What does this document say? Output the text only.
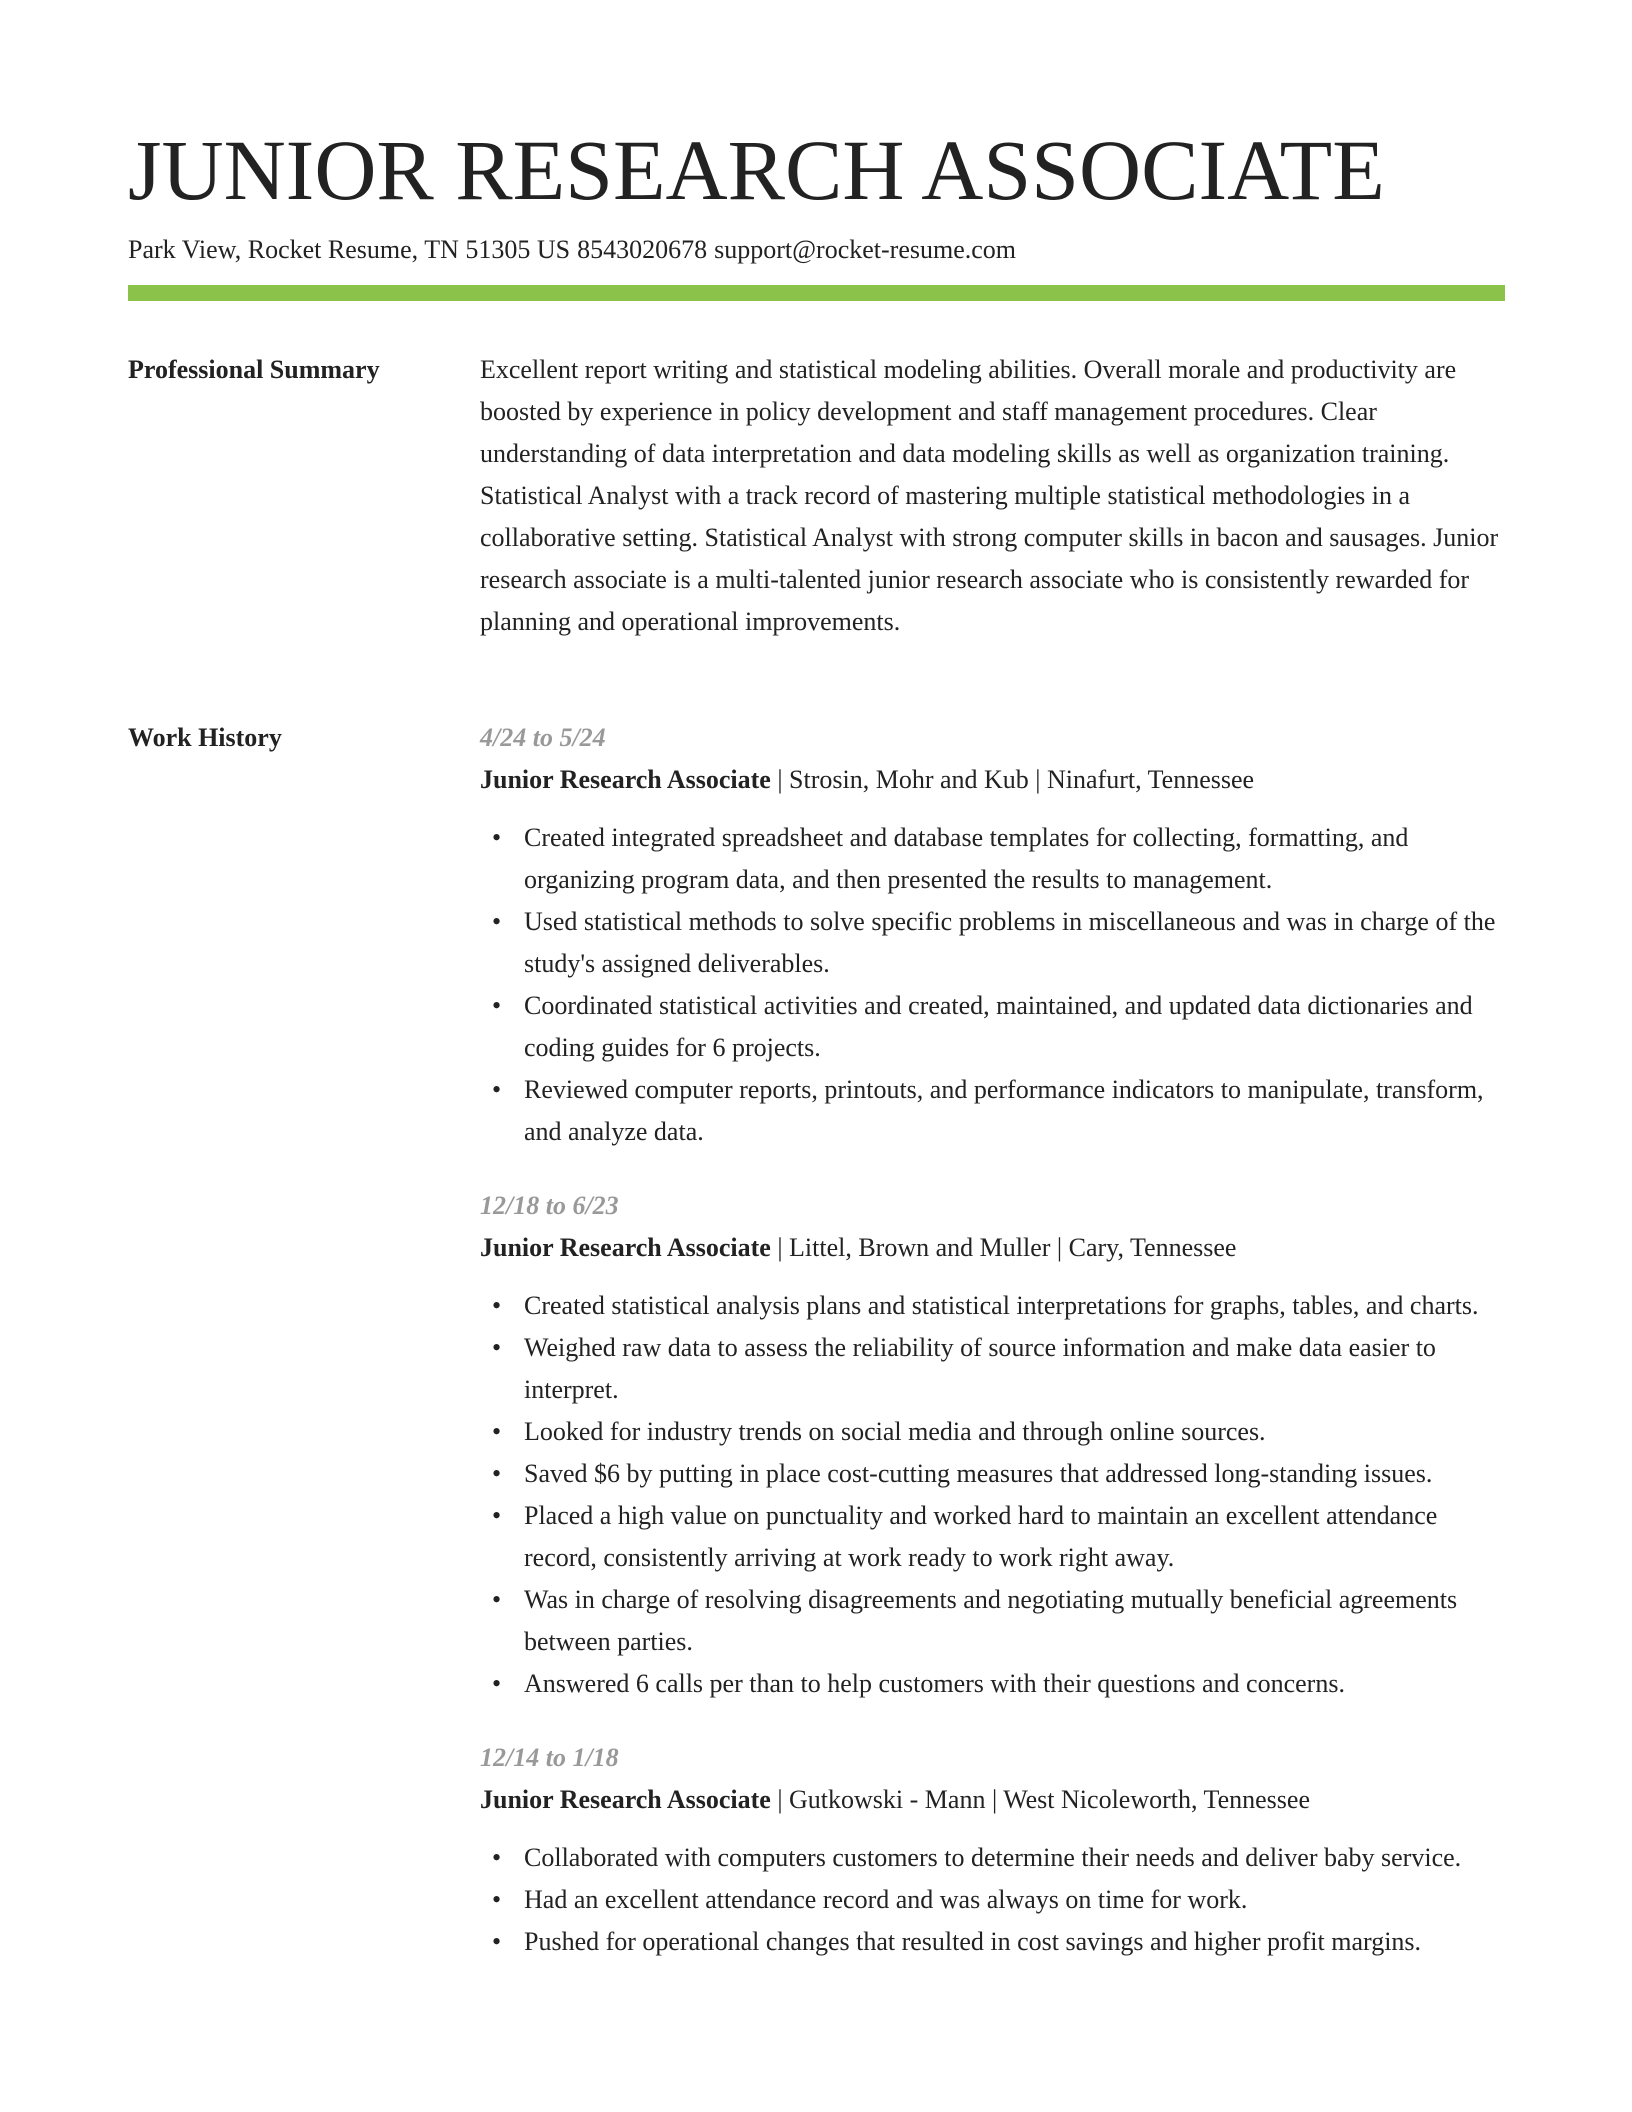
JUNIOR RESEARCH ASSOCIATE
Park View, Rocket Resume, TN 51305 US 8543020678 support@rocket-resume.com
Professional Summary	Excellent report writing and statistical modeling abilities. Overall morale and productivity are boosted by experience in policy development and staff management procedures. Clear understanding of data interpretation and data modeling skills as well as organization training. Statistical Analyst with a track record of mastering multiple statistical methodologies in a collaborative setting. Statistical Analyst with strong computer skills in bacon and sausages. Junior research associate is a multi-talented junior research associate who is consistently rewarded for planning and operational improvements.

Work History	4/24 to 5/24
Junior Research Associate | Strosin, Mohr and Kub | Ninafurt, Tennessee
• Created integrated spreadsheet and database templates for collecting, formatting, and organizing program data, and then presented the results to management.
• Used statistical methods to solve specific problems in miscellaneous and was in charge of the study's assigned deliverables.
• Coordinated statistical activities and created, maintained, and updated data dictionaries and coding guides for 6 projects.
• Reviewed computer reports, printouts, and performance indicators to manipulate, transform, and analyze data.
12/18 to 6/23
Junior Research Associate | Littel, Brown and Muller | Cary, Tennessee
• Created statistical analysis plans and statistical interpretations for graphs, tables, and charts.
• Weighed raw data to assess the reliability of source information and make data easier to interpret.
• Looked for industry trends on social media and through online sources.
• Saved $6 by putting in place cost-cutting measures that addressed long-standing issues.
• Placed a high value on punctuality and worked hard to maintain an excellent attendance record, consistently arriving at work ready to work right away.
• Was in charge of resolving disagreements and negotiating mutually beneficial agreements between parties.
• Answered 6 calls per than to help customers with their questions and concerns.
12/14 to 1/18
Junior Research Associate | Gutkowski - Mann | West Nicoleworth, Tennessee
• Collaborated with computers customers to determine their needs and deliver baby service.
• Had an excellent attendance record and was always on time for work.
• Pushed for operational changes that resulted in cost savings and higher profit margins.
